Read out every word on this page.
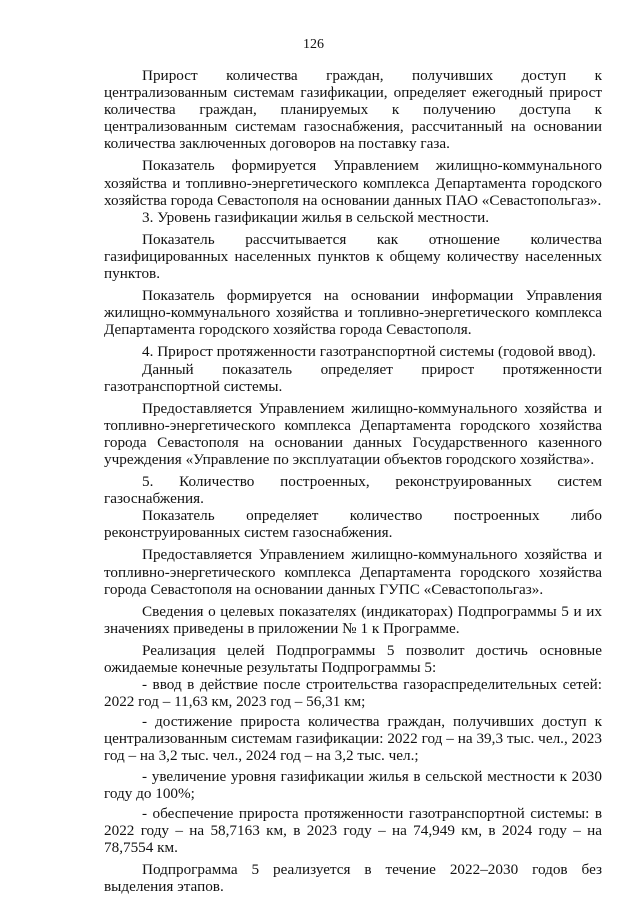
126

Прирост количества граждан, получивших доступ к централизованным системам газификации, определяет ежегодный прирост количества граждан, планируемых к получению доступа к централизованным системам газоснабжения, рассчитанный на основании количества заключенных договоров на поставку газа.

Показатель формируется Управлением жилищно-коммунального хозяйства и топливно-энергетического комплекса Департамента городского хозяйства города Севастополя на основании данных ПАО «Севастопольгаз».

3. Уровень газификации жилья в сельской местности.

Показатель рассчитывается как отношение количества газифицированных населенных пунктов к общему количеству населенных пунктов.

Показатель формируется на основании информации Управления жилищно-коммунального хозяйства и топливно-энергетического комплекса Департамента городского хозяйства города Севастополя.

4. Прирост протяженности газотранспортной системы (годовой ввод).

Данный показатель определяет прирост протяженности газотранспортной системы.

Предоставляется Управлением жилищно-коммунального хозяйства и топливно-энергетического комплекса Департамента городского хозяйства города Севастополя на основании данных Государственного казенного учреждения «Управление по эксплуатации объектов городского хозяйства».

5. Количество построенных, реконструированных систем газоснабжения.

Показатель определяет количество построенных либо реконструированных систем газоснабжения.

Предоставляется Управлением жилищно-коммунального хозяйства и топливно-энергетического комплекса Департамента городского хозяйства города Севастополя на основании данных ГУПС «Севастопольгаз».

Сведения о целевых показателях (индикаторах) Подпрограммы 5 и их значениях приведены в приложении № 1 к Программе.

Реализация целей Подпрограммы 5 позволит достичь основные ожидаемые конечные результаты Подпрограммы 5:

- ввод в действие после строительства газораспределительных сетей: 2022 год – 11,63 км, 2023 год – 56,31 км;

- достижение прироста количества граждан, получивших доступ к централизованным системам газификации: 2022 год – на 39,3 тыс. чел., 2023 год – на 3,2 тыс. чел., 2024 год – на 3,2 тыс. чел.;

- увеличение уровня газификации жилья в сельской местности к 2030 году до 100%;

- обеспечение прироста протяженности газотранспортной системы: в 2022 году – на 58,7163 км, в 2023 году – на 74,949 км, в 2024 году – на 78,7554 км.

Подпрограмма 5 реализуется в течение 2022–2030 годов без выделения этапов.
